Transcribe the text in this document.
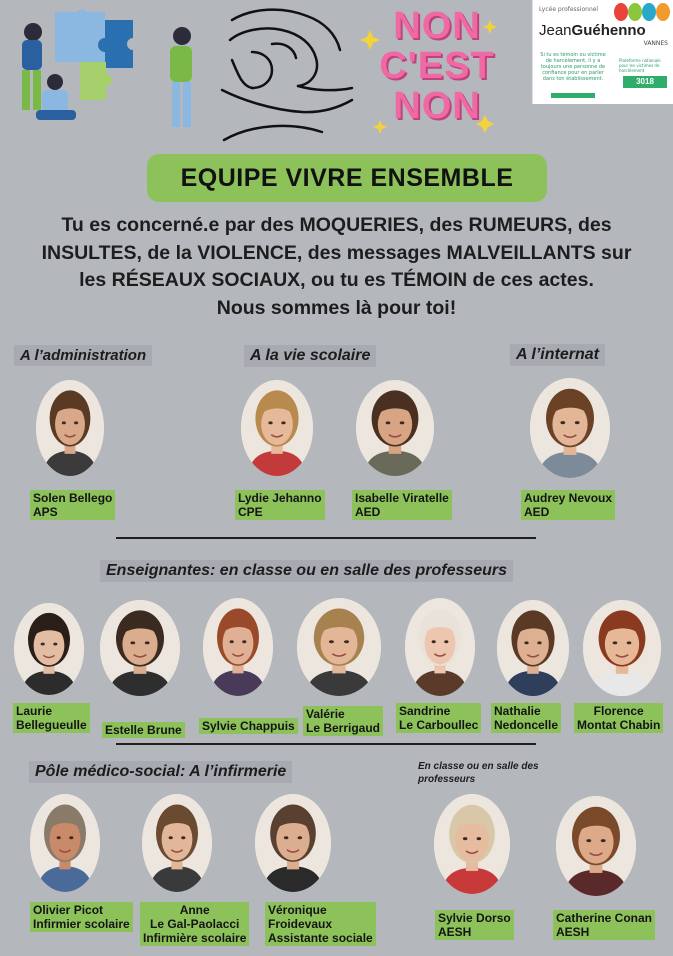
NON
C'EST
NON
Lycée professionnel
JeanGuéhenno
VANNES
Si tu es témoin ou victime de harcèlement, il y a toujours une personne de confiance pour en parler dans ton établissement.
Plateforme nationale pour les victimes de harcèlement
3018
EQUIPE VIVRE ENSEMBLE
Tu es concerné.e par des MOQUERIES, des RUMEURS, des
INSULTES, de la VIOLENCE, des messages MALVEILLANTS sur
les RÉSEAUX SOCIAUX, ou tu es TÉMOIN de ces actes.
Nous sommes là pour toi!
A l’administration	A la vie scolaire	A l’internat
Enseignantes: en classe ou en salle des professeurs
Pôle médico-social: A l’infirmerie	En classe ou en salle des professeurs
Solen Bellego
APS
Lydie Jehanno
CPE
Isabelle Viratelle
AED
Audrey Nevoux
AED
Laurie
Bellegueulle Estelle Brune Sylvie Chappuis
Valérie
Le Berrigaud
Sandrine
Le Carboullec
Nathalie
Nedoncelle
Florence
Montat Chabin
Olivier Picot
Infirmier scolaire
Anne
Le Gal-Paolacci
Infirmière scolaire
Véronique
Froidevaux
Assistante sociale
Sylvie Dorso
AESH
Catherine Conan
AESH
